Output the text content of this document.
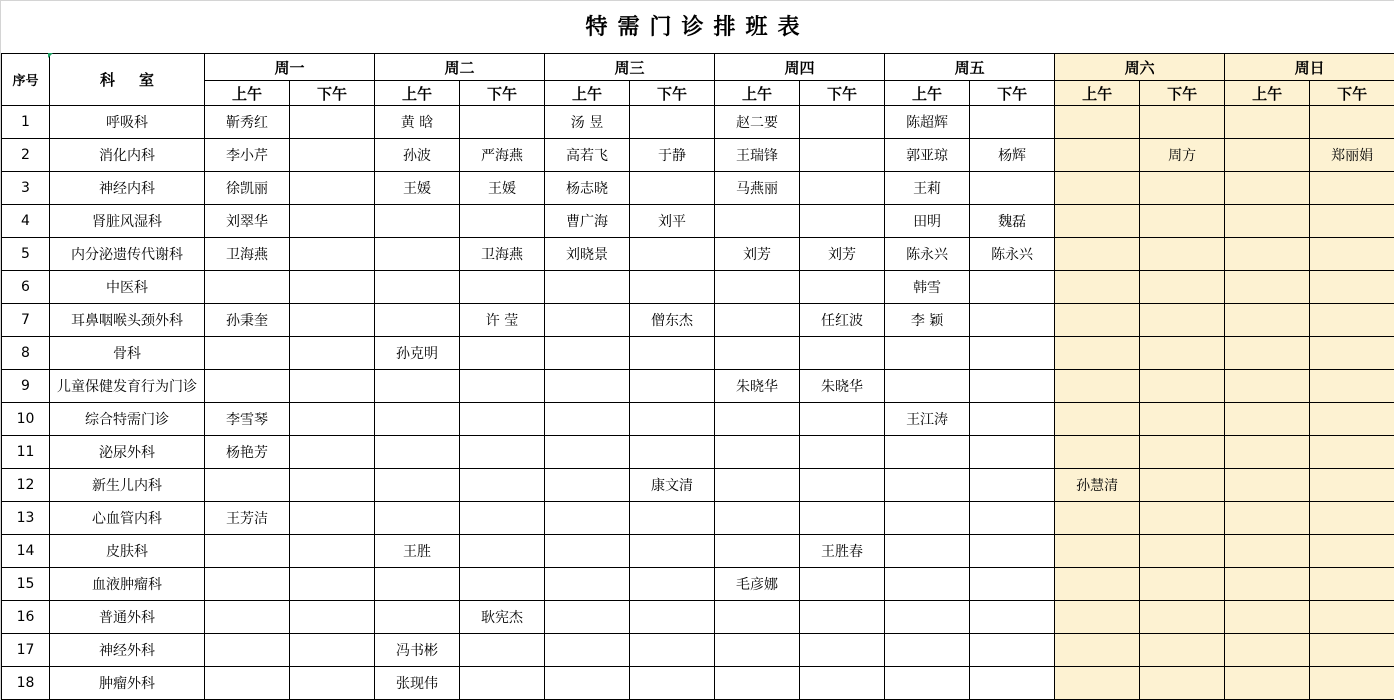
特需门诊排班表
序号	科室	周一		周二		周三		周四		周五		周六		周日	
		上午	下午	上午	下午	上午	下午	上午	下午	上午	下午	上午	下午	上午	下午
1	呼吸科	靳秀红		黄 晗		汤 昱		赵二要		陈超辉					
2	消化内科	李小芹		孙波	严海燕	高若飞	于静	王瑞锋		郭亚琼	杨辉		周方		郑丽娟
3	神经内科	徐凯丽		王媛	王媛	杨志晓		马燕丽		王莉					
4	肾脏风湿科	刘翠华				曹广海	刘平			田明	魏磊				
5	内分泌遗传代谢科	卫海燕			卫海燕	刘晓景		刘芳	刘芳	陈永兴	陈永兴				
6	中医科									韩雪					
7	耳鼻咽喉头颈外科	孙秉奎			许 莹		僧东杰		任红波	李 颖					
8	骨科			孙克明											
9	儿童保健发育行为门诊							朱晓华	朱晓华						
10	综合特需门诊	李雪琴								王江涛					
11	泌尿外科	杨艳芳													
12	新生儿内科						康文清					孙慧清			
13	心血管内科	王芳洁													
14	皮肤科			王胜					王胜春						
15	血液肿瘤科							毛彦娜							
16	普通外科				耿宪杰										
17	神经外科			冯书彬											
18	肿瘤外科			张现伟											
